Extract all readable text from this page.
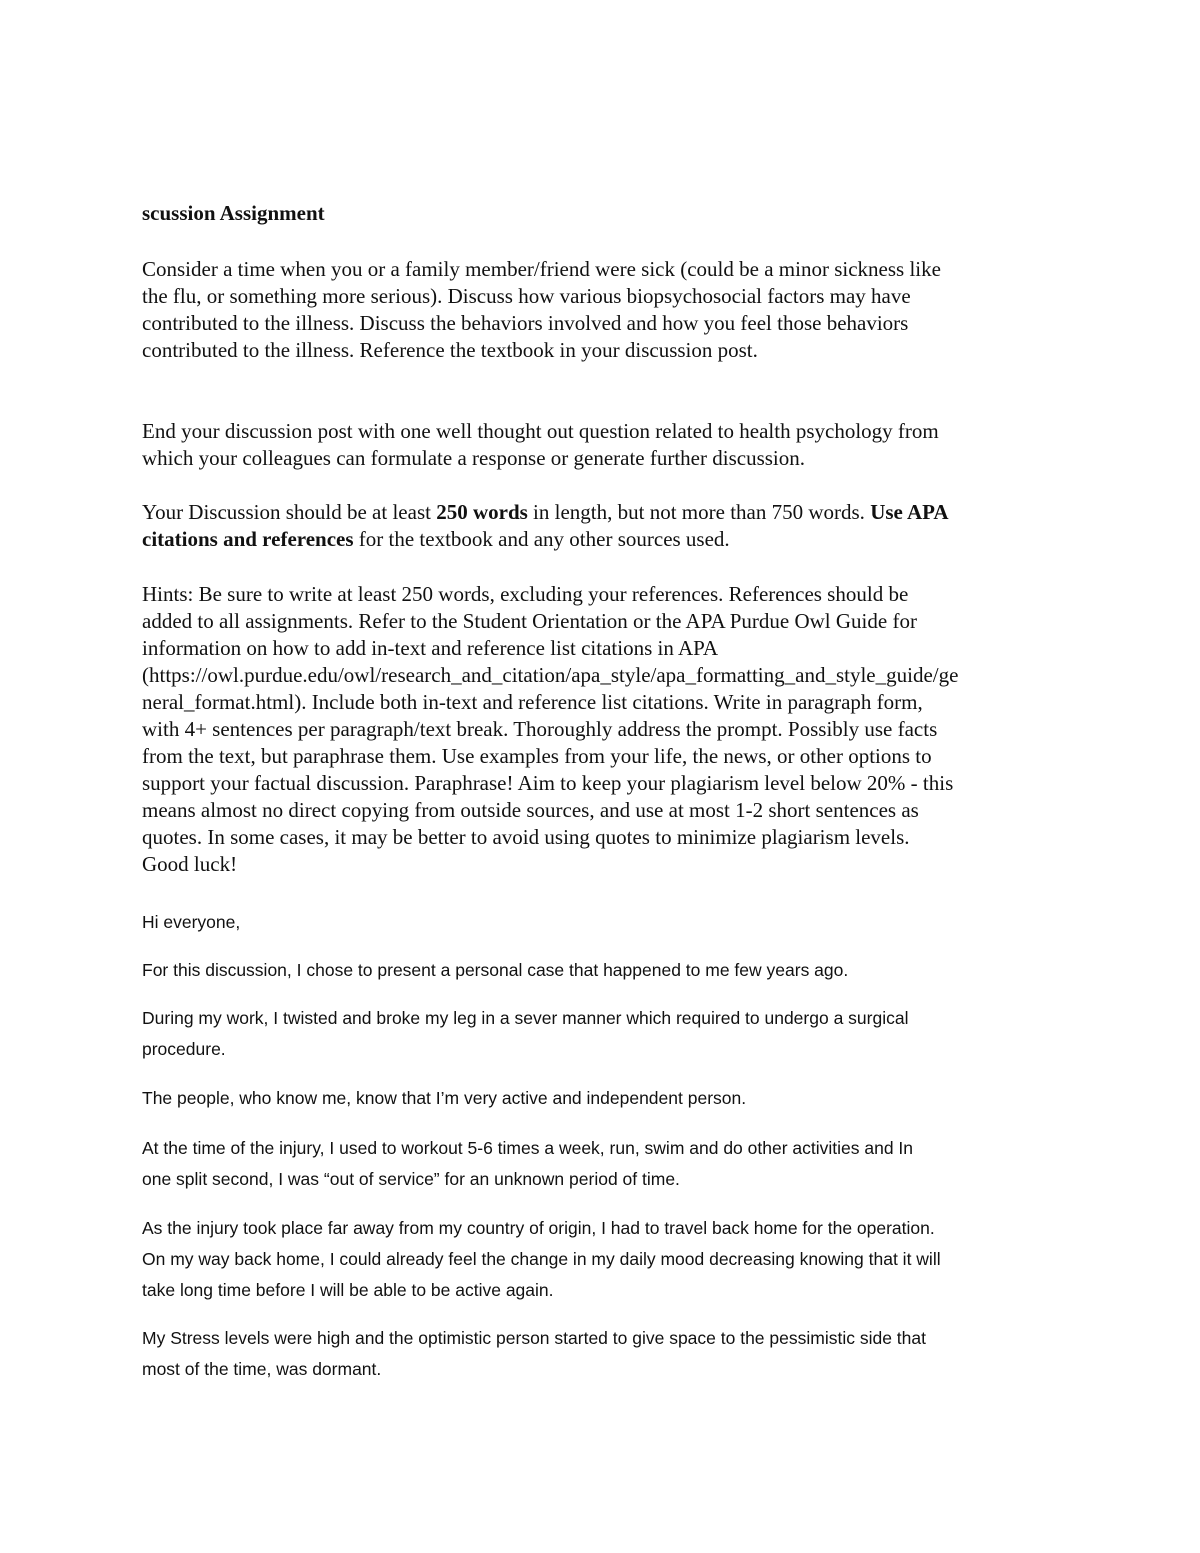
scussion Assignment

Consider a time when you or a family member/friend were sick (could be a minor sickness like
the flu, or something more serious). Discuss how various biopsychosocial factors may have
contributed to the illness. Discuss the behaviors involved and how you feel those behaviors
contributed to the illness. Reference the textbook in your discussion post.

End your discussion post with one well thought out question related to health psychology from
which your colleagues can formulate a response or generate further discussion.

Your Discussion should be at least 250 words in length, but not more than 750 words. Use APA
citations and references for the textbook and any other sources used.

Hints: Be sure to write at least 250 words, excluding your references. References should be
added to all assignments. Refer to the Student Orientation or the APA Purdue Owl Guide for
information on how to add in-text and reference list citations in APA
(https://owl.purdue.edu/owl/research_and_citation/apa_style/apa_formatting_and_style_guide/ge
neral_format.html). Include both in-text and reference list citations. Write in paragraph form,
with 4+ sentences per paragraph/text break. Thoroughly address the prompt. Possibly use facts
from the text, but paraphrase them. Use examples from your life, the news, or other options to
support your factual discussion. Paraphrase! Aim to keep your plagiarism level below 20% - this
means almost no direct copying from outside sources, and use at most 1-2 short sentences as
quotes. In some cases, it may be better to avoid using quotes to minimize plagiarism levels.
Good luck!

Hi everyone,

For this discussion, I chose to present a personal case that happened to me few years ago.

During my work, I twisted and broke my leg in a sever manner which required to undergo a surgical
procedure.

The people, who know me, know that I’m very active and independent person.

At the time of the injury, I used to workout 5-6 times a week, run, swim and do other activities and In
one split second, I was “out of service” for an unknown period of time.

As the injury took place far away from my country of origin, I had to travel back home for the operation.
On my way back home, I could already feel the change in my daily mood decreasing knowing that it will
take long time before I will be able to be active again.

My Stress levels were high and the optimistic person started to give space to the pessimistic side that
most of the time, was dormant.
